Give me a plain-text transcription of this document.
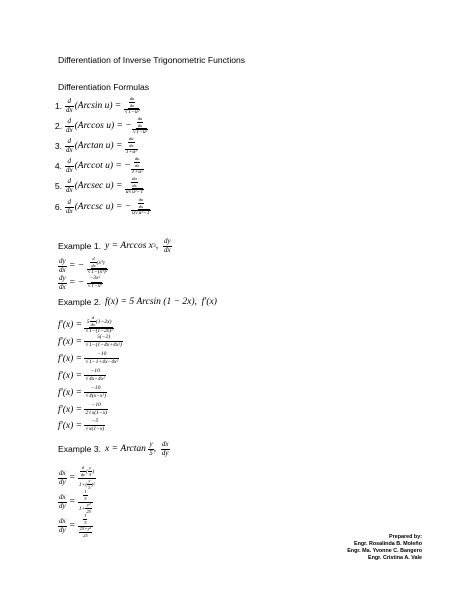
Differentiation of Inverse Trigonometric Functions
Differentiation Formulas
1. $\frac{d}{dx}$ ( Arcsin $u) = \frac{\frac{du}{dx}}{\text{√1−u²}}$
2. $\frac{d}{dx}$ ( Arccos u) = − $\frac{\frac{du}{dx}}{\text{√1−u²}}$
3. $\frac{d}{dx}$ ( Arctan $u) = \frac{\frac{du}{dx}}{\text{1+u²}}$
4. $\frac{d}{dx}$ ( Arccot u) = − $\frac{\frac{du}{dx}}{\text{1+u²}}$
5. $\frac{d}{dx}$ ( Arcsec $u) = \frac{\frac{du}{dx}}{\text{u√u²−1}}$
6. $\frac{d}{dx}$ ( Arccsc u) = − $\frac{\frac{du}{dx}}{\text{u√u²−1}}$
Example 1. y = Arccos x 3 , $\frac{dy}{dx}$
$\frac{dy}{dx}$ = − $\frac{\frac{d}{dx} (x^3)}{\text{√1−(x³)²}}$
$\frac{dy}{dx}$ = − $\frac{\text{−3x²}}{\text{√1−x⁶}}$
Example 2. f(x) = 5 Arcsin (1 − 2x),  f′(x)
$f'(x) = \frac{5 \frac{d}{dx} (1-2x)}{\text{√1−(1−2x)²}}$
$f'(x) = \frac{5(-2)}{\text{√1−(1−4x+4x²)}}$
$f'(x) = \frac{-10}{\text{√1−1+4x−4x²}}$
$f'(x) = \frac{-10}{\text{√4x−4x²}}$
$f'(x) = \frac{-10}{\text{√4(x−x²)}}$
$f'(x) = \frac{-10}{2√x(1-x)}$
$f'(x) = \frac{-5}{√x(1-x)}$
Example 3. x = Arctan $\frac{y}{5}$ , $\frac{dx}{dy}$
$\frac{dx}{dy} = \frac{\frac{d}{dy} ( \frac{y}{5} )}{1+( \frac{y}{5} )^2}$
$\frac{dx}{dy} = \frac{\frac{1}{5}}{1+ \frac{\text{y²}}{25}}$
$\frac{dx}{dy} = \frac{\frac{1}{5}}{\frac{\text{25+y²}}{25}}$	Prepared by:
Engr. Rosalinda B. Moleño
Engr. Ma. Yvonne C. Bangero
Engr. Cristina A. Vale
